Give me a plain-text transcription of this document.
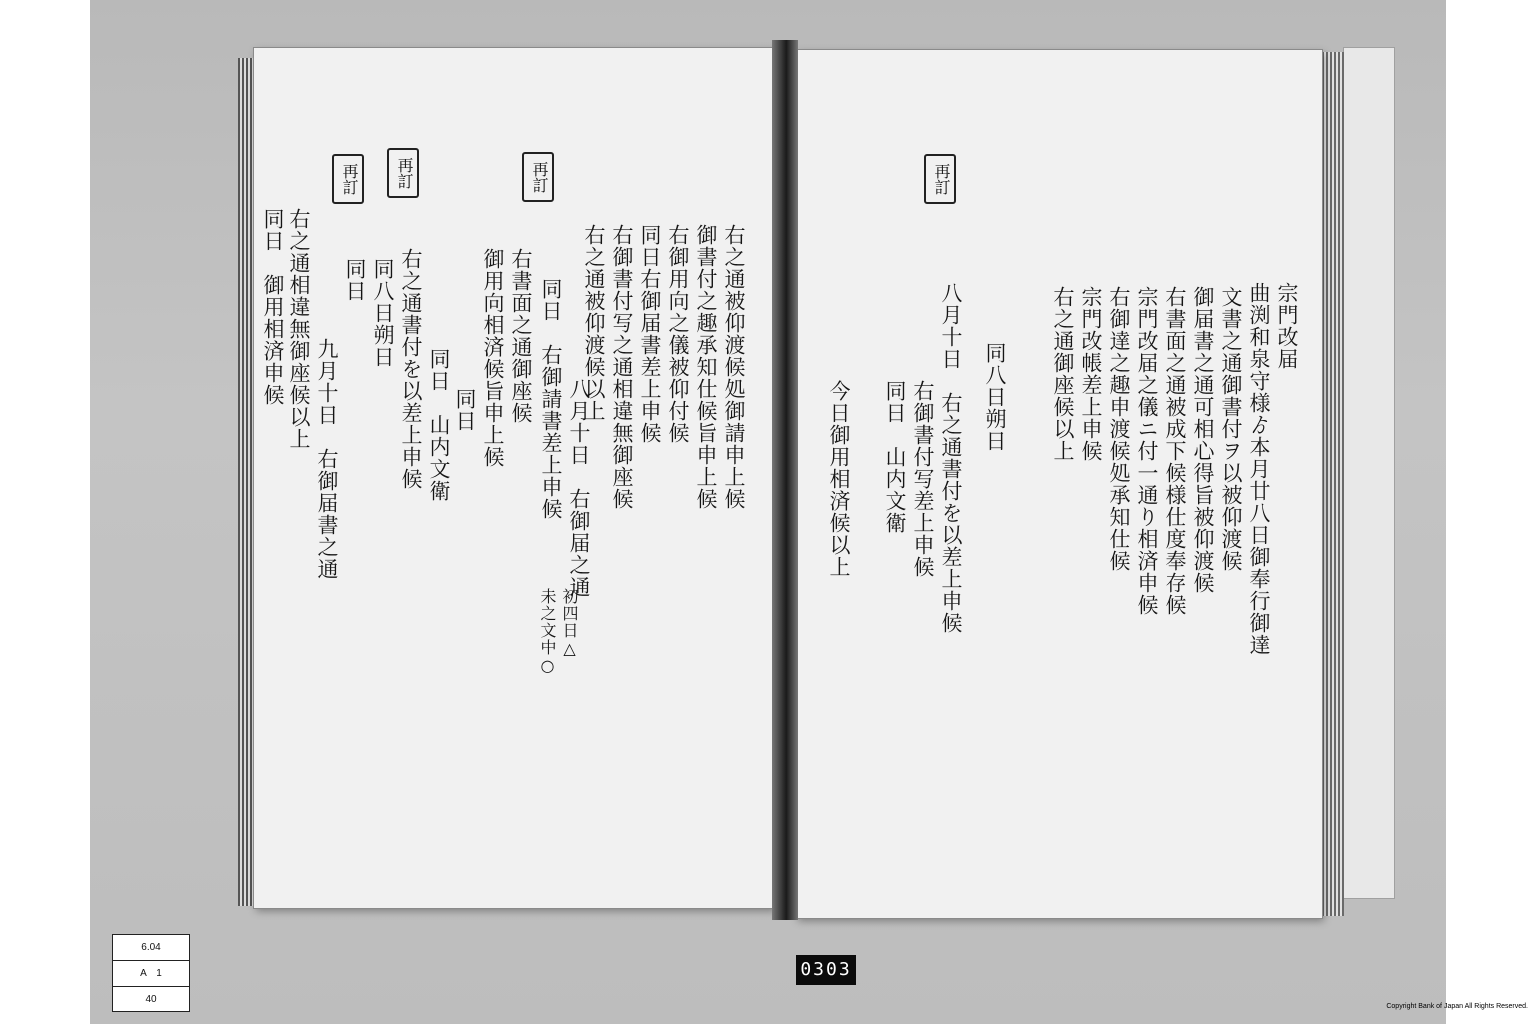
再訂
再訂
再訂
右之通被仰渡候処御請申上候
御書付之趣承知仕候旨申上候
右御用向之儀被仰付候
同日右御届書差上申候
右御書付写之通相違無御座候
右之通被仰渡候以上
初四日△
未之文中○
八月十日　右御届之通
同日　右御請書差上申候
右書面之通御座候
御用向相済候旨申上候
同日
同日　山内文衛
右之通書付を以差上申候
同八日朔日
同日
九月十日　右御届書之通
右之通相違無御座候以上
同日　御用相済申候
再訂
宗門改届
曲渕和泉守様ゟ本月廿八日御奉行御達
文書之通御書付ヲ以被仰渡候
御届書之通可相心得旨被仰渡候
右書面之通被成下候様仕度奉存候
宗門改届之儀ニ付一通り相済申候
右御達之趣申渡候処承知仕候
宗門改帳差上申候
右之通御座候以上
同八日朔日
八月十日　右之通書付を以差上申候
右御書付写差上申候
同日　山内文衛
今日御用相済候以上
6.04
A　1
40
0303
Copyright Bank of Japan All Rights Reserved.
